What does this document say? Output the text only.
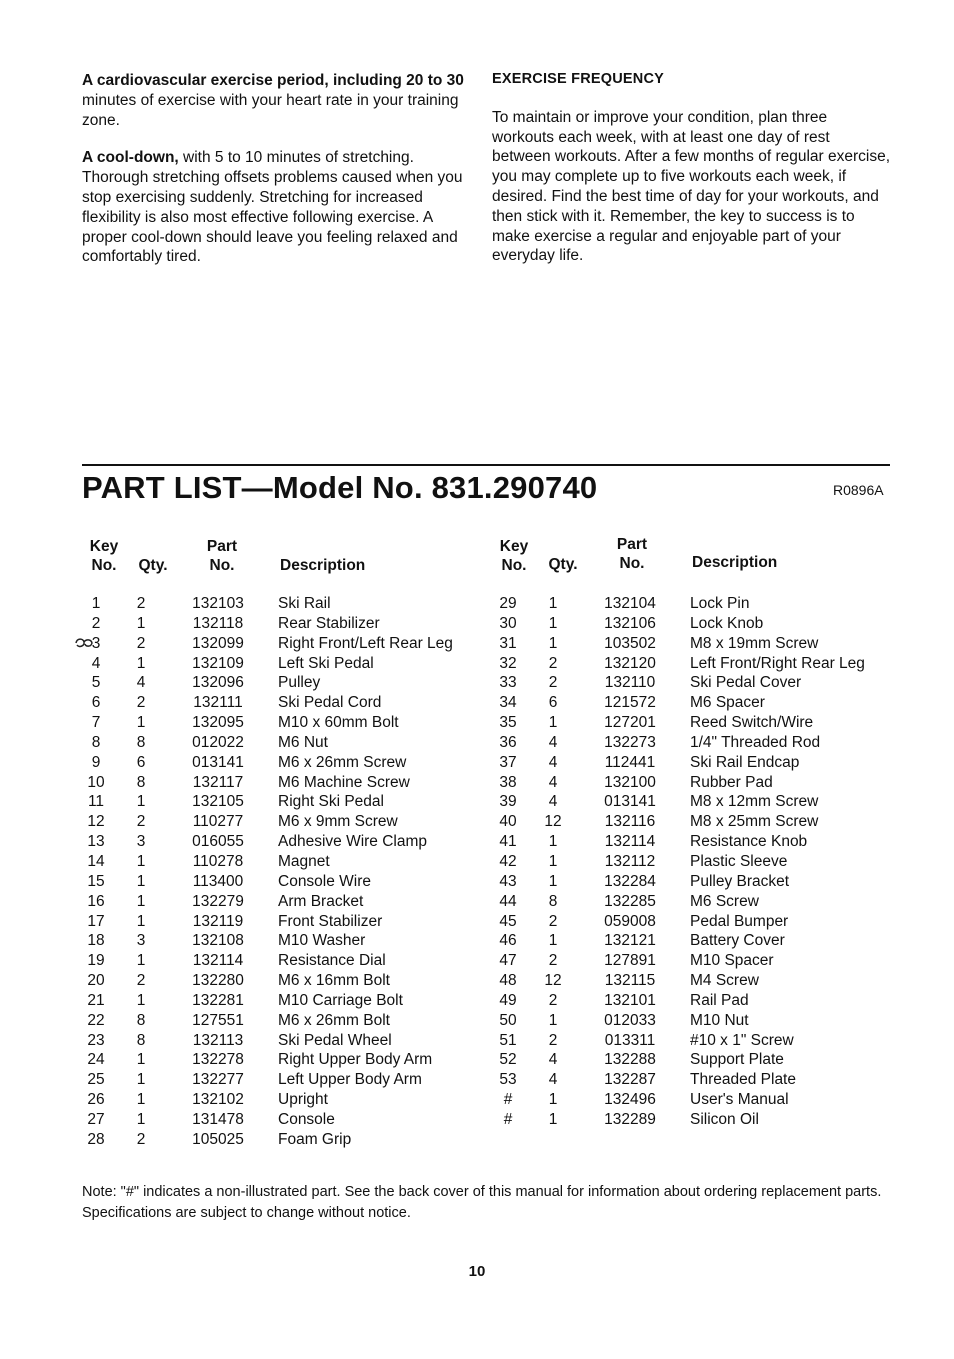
A cardiovascular exercise period, including 20 to 30
minutes of exercise with your heart rate in your training zone.

A cool-down, with 5 to 10 minutes of stretching. Thorough stretching offsets problems caused when you stop exercising suddenly. Stretching for increased flexibility is also most effective following exercise. A proper cool-down should leave you feeling relaxed and comfortably tired.

EXERCISE FREQUENCY

To maintain or improve your condition, plan three workouts each week, with at least one day of rest between workouts. After a few months of regular exercise, you may complete up to five workouts each week, if desired. Find the best time of day for your workouts, and then stick with it. Remember, the key to success is to make exercise a regular and enjoyable part of your everyday life.

PART LIST—Model No. 831.290740	R0896A
Key
No.	Qty.
Part
No.	Description
Key
No.	Qty.
Part
No.	Description
1	2	132103	Ski Rail
2	1	132118	Rear Stabilizer
3	2	132099	Right Front/Left Rear Leg
4	1	132109	Left Ski Pedal
5	4	132096	Pulley
6	2	132111	Ski Pedal Cord
7	1	132095	M10 x 60mm Bolt
8	8	012022	M6 Nut
9	6	013141	M6 x 26mm Screw
10	8	132117	M6 Machine Screw
11	1	132105	Right Ski Pedal
12	2	110277	M6 x 9mm Screw
13	3	016055	Adhesive Wire Clamp
14	1	110278	Magnet
15	1	113400	Console Wire
16	1	132279	Arm Bracket
17	1	132119	Front Stabilizer
18	3	132108	M10 Washer
19	1	132114	Resistance Dial
20	2	132280	M6 x 16mm Bolt
21	1	132281	M10 Carriage Bolt
22	8	127551	M6 x 26mm Bolt
23	8	132113	Ski Pedal Wheel
24	1	132278	Right Upper Body Arm
25	1	132277	Left Upper Body Arm
26	1	132102	Upright
27	1	131478	Console
28	2	105025	Foam Grip
29	1	132104	Lock Pin
30	1	132106	Lock Knob
31	1	103502	M8 x 19mm Screw
32	2	132120	Left Front/Right Rear Leg
33	2	132110	Ski Pedal Cover
34	6	121572	M6 Spacer
35	1	127201	Reed Switch/Wire
36	4	132273	1/4" Threaded Rod
37	4	112441	Ski Rail Endcap
38	4	132100	Rubber Pad
39	4	013141	M8 x 12mm Screw
40	12	132116	M8 x 25mm Screw
41	1	132114	Resistance Knob
42	1	132112	Plastic Sleeve
43	1	132284	Pulley Bracket
44	8	132285	M6 Screw
45	2	059008	Pedal Bumper
46	1	132121	Battery Cover
47	2	127891	M10 Spacer
48	12	132115	M4 Screw
49	2	132101	Rail Pad
50	1	012033	M10 Nut
51	2	013311	#10 x 1" Screw
52	4	132288	Support Plate
53	4	132287	Threaded Plate
#	1	132496	User's Manual
#	1	132289	Silicon Oil
Note: "#" indicates a non-illustrated part. See the back cover of this manual for information about ordering replacement parts. Specifications are subject to change without notice.
10
